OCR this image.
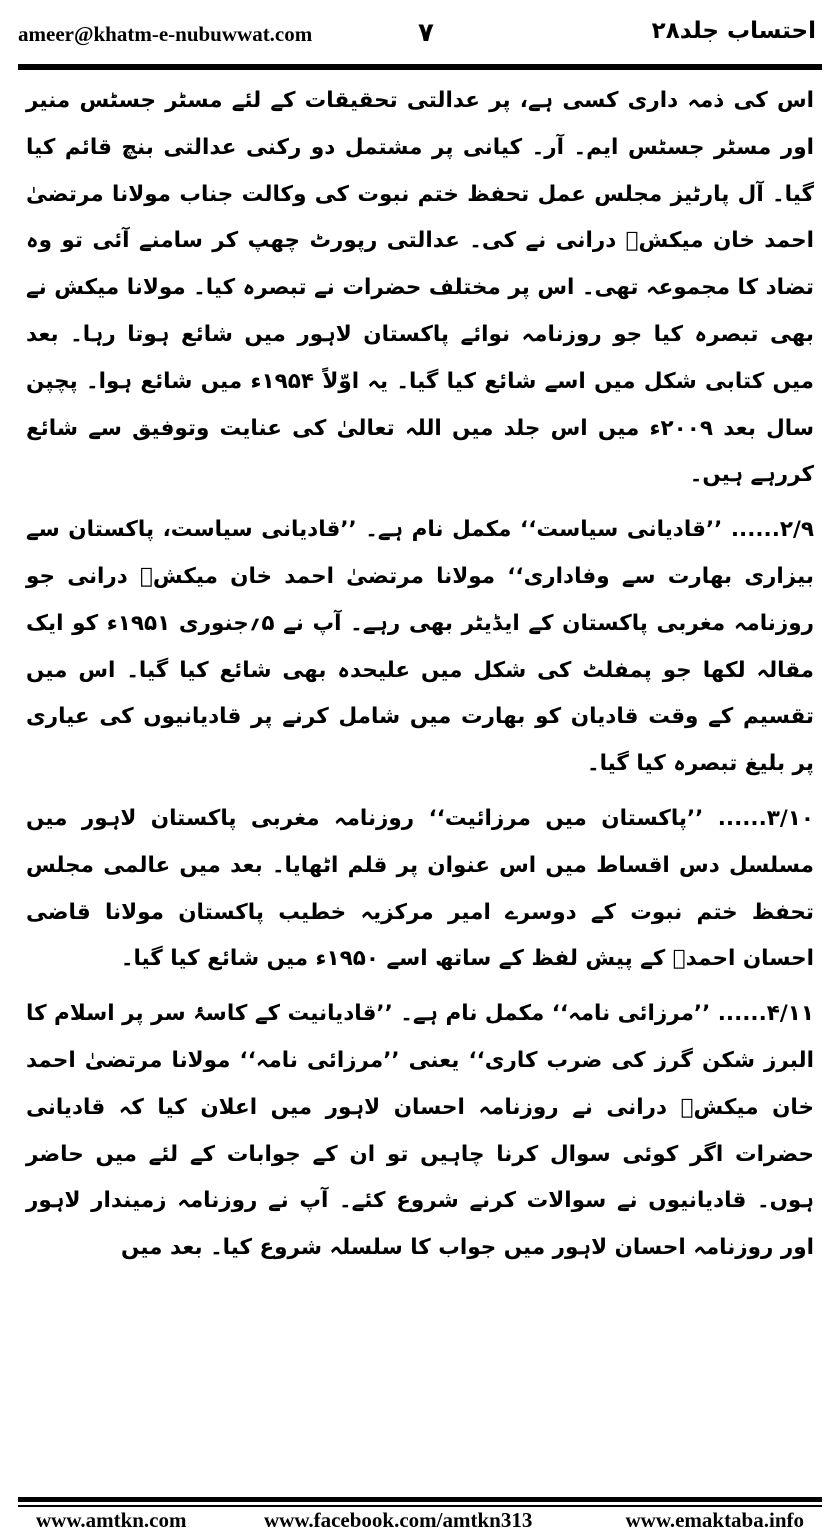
ameer@khatm-e-nubuwwat.com	۷	احتساب جلد۲۸

اس کی ذمہ داری کسی ہے، پر عدالتی تحقیقات کے لئے مسٹر جسٹس منیر اور مسٹر جسٹس ایم۔ آر۔ کیانی پر مشتمل دو رکنی عدالتی بنچ قائم کیا گیا۔ آل پارٹیز مجلس عمل تحفظ ختم نبوت کی وکالت جناب مولانا مرتضیٰ احمد خان میکشؒ درانی نے کی۔ عدالتی رپورٹ چھپ کر سامنے آئی تو وہ تضاد کا مجموعہ تھی۔ اس پر مختلف حضرات نے تبصرہ کیا۔ مولانا میکش نے بھی تبصرہ کیا جو روزنامہ نوائے پاکستان لاہور میں شائع ہوتا رہا۔ بعد میں کتابی شکل میں اسے شائع کیا گیا۔ یہ اوّلاً ۱۹۵۴ء میں شائع ہوا۔ پچپن سال بعد ۲۰۰۹ء میں اس جلد میں اللہ تعالیٰ کی عنایت وتوفیق سے شائع کررہے ہیں۔

۲/۹...... ’’قادیانی سیاست‘‘ مکمل نام ہے۔ ’’قادیانی سیاست، پاکستان سے بیزاری بھارت سے وفاداری‘‘ مولانا مرتضیٰ احمد خان میکشؒ درانی جو روزنامہ مغربی پاکستان کے ایڈیٹر بھی رہے۔ آپ نے ۵؍جنوری ۱۹۵۱ء کو ایک مقالہ لکھا جو پمفلٹ کی شکل میں علیحدہ بھی شائع کیا گیا۔ اس میں تقسیم کے وقت قادیان کو بھارت میں شامل کرنے پر قادیانیوں کی عیاری پر بلیغ تبصرہ کیا گیا۔

۳/۱۰...... ’’پاکستان میں مرزائیت‘‘ روزنامہ مغربی پاکستان لاہور میں مسلسل دس اقساط میں اس عنوان پر قلم اٹھایا۔ بعد میں عالمی مجلس تحفظ ختم نبوت کے دوسرے امیر مرکزیہ خطیب پاکستان مولانا قاضی احسان احمدؒ کے پیش لفظ کے ساتھ اسے ۱۹۵۰ء میں شائع کیا گیا۔

۴/۱۱...... ’’مرزائی نامہ‘‘ مکمل نام ہے۔ ’’قادیانیت کے کاسۂ سر پر اسلام کا البرز شکن گرز کی ضرب کاری‘‘ یعنی ’’مرزائی نامہ‘‘ مولانا مرتضیٰ احمد خان میکشؒ درانی نے روزنامہ احسان لاہور میں اعلان کیا کہ قادیانی حضرات اگر کوئی سوال کرنا چاہیں تو ان کے جوابات کے لئے میں حاضر ہوں۔ قادیانیوں نے سوالات کرنے شروع کئے۔ آپ نے روزنامہ زمیندار لاہور اور روزنامہ احسان لاہور میں جواب کا سلسلہ شروع کیا۔ بعد میں

www.amtkn.com	www.facebook.com/amtkn313	www.emaktaba.info
